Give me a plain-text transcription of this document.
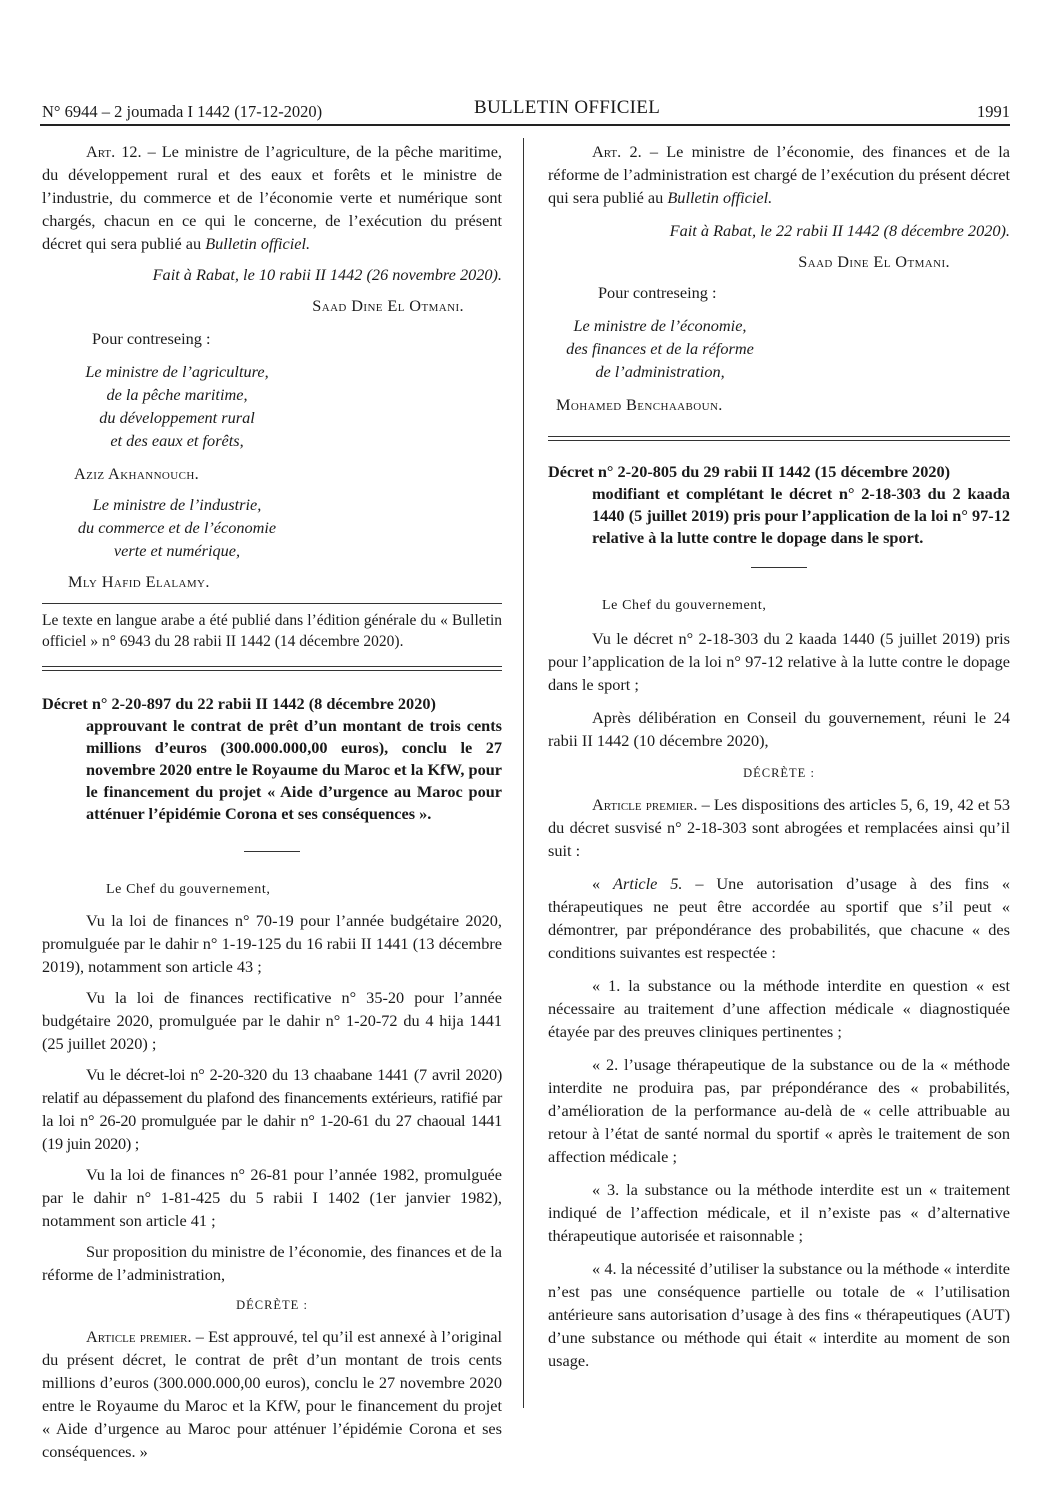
N° 6944 – 2 joumada I 1442 (17-12-2020)	BULLETIN OFFICIEL	1991

Art. 12. – Le ministre de l’agriculture, de la pêche maritime, du développement rural et des eaux et forêts et le ministre de l’industrie, du commerce et de l’économie verte et numérique sont chargés, chacun en ce qui le concerne, de l’exécution du présent décret qui sera publié au Bulletin officiel.

Fait à Rabat, le 10 rabii II 1442 (26 novembre 2020).

Saad Dine El Otmani.

Pour contreseing :

Le ministre de l’agriculture,

de la pêche maritime,

du développement rural

et des eaux et forêts,

Aziz Akhannouch.

Le ministre de l’industrie,

du commerce et de l’économie

verte et numérique,

Mly Hafid Elalamy.

Le texte en langue arabe a été publié dans l’édition générale du « Bulletin officiel » n° 6943 du 28 rabii II 1442 (14 décembre 2020).

Décret n° 2-20-897 du 22 rabii II 1442 (8 décembre 2020)
approuvant le contrat de prêt d’un montant de trois cents millions d’euros (300.000.000,00 euros), conclu le 27 novembre 2020 entre le Royaume du Maroc et la KfW, pour le financement du projet « Aide d’urgence au Maroc pour atténuer l’épidémie Corona et ses conséquences ».

Le Chef du gouvernement,

Vu la loi de finances n° 70-19 pour l’année budgétaire 2020, promulguée par le dahir n° 1-19-125 du 16 rabii II 1441 (13 décembre 2019), notamment son article 43 ;

Vu la loi de finances rectificative n° 35-20 pour l’année budgétaire 2020, promulguée par le dahir n° 1-20-72 du 4 hija 1441 (25 juillet 2020) ;

Vu le décret-loi n° 2-20-320 du 13 chaabane 1441 (7 avril 2020) relatif au dépassement du plafond des financements extérieurs, ratifié par la loi n° 26-20 promulguée par le dahir n° 1-20-61 du 27 chaoual 1441 (19 juin 2020) ;

Vu la loi de finances n° 26-81 pour l’année 1982, promulguée par le dahir n° 1-81-425 du 5 rabii I 1402 (1er janvier 1982), notamment son article 41 ;

Sur proposition du ministre de l’économie, des finances et de la réforme de l’administration,

DÉCRÈTE :

Article premier. – Est approuvé, tel qu’il est annexé à l’original du présent décret, le contrat de prêt d’un montant de trois cents millions d’euros (300.000.000,00 euros), conclu le 27 novembre 2020 entre le Royaume du Maroc et la KfW, pour le financement du projet « Aide d’urgence au Maroc pour atténuer l’épidémie Corona et ses conséquences. »

Art. 2. – Le ministre de l’économie, des finances et de la réforme de l’administration est chargé de l’exécution du présent décret qui sera publié au Bulletin officiel.

Fait à Rabat, le 22 rabii II 1442 (8 décembre 2020).

Saad Dine El Otmani.

Pour contreseing :

Le ministre de l’économie,

des finances et de la réforme

de l’administration,

Mohamed Benchaaboun.

Décret n° 2-20-805 du 29 rabii II 1442 (15 décembre 2020)
modifiant et complétant le décret n° 2-18-303 du 2 kaada 1440 (5 juillet 2019) pris pour l’application de la loi n° 97-12 relative à la lutte contre le dopage dans le sport.

Le Chef du gouvernement,

Vu le décret n° 2-18-303 du 2 kaada 1440 (5 juillet 2019) pris pour l’application de la loi n° 97-12 relative à la lutte contre le dopage dans le sport ;

Après délibération en Conseil du gouvernement, réuni le 24 rabii II 1442 (10 décembre 2020),

DÉCRÈTE :

Article premier. – Les dispositions des articles 5, 6, 19, 42 et 53 du décret susvisé n° 2-18-303 sont abrogées et remplacées ainsi qu’il suit :

« Article 5. – Une autorisation d’usage à des fins « thérapeutiques ne peut être accordée au sportif que s’il peut « démontrer, par prépondérance des probabilités, que chacune « des conditions suivantes est respectée :

« 1. la substance ou la méthode interdite en question « est nécessaire au traitement d’une affection médicale « diagnostiquée étayée par des preuves cliniques pertinentes ;

« 2. l’usage thérapeutique de la substance ou de la « méthode interdite ne produira pas, par prépondérance des « probabilités, d’amélioration de la performance au-delà de « celle attribuable au retour à l’état de santé normal du sportif « après le traitement de son affection médicale ;

« 3. la substance ou la méthode interdite est un « traitement indiqué de l’affection médicale, et il n’existe pas « d’alternative thérapeutique autorisée et raisonnable ;

« 4. la nécessité d’utiliser la substance ou la méthode « interdite n’est pas une conséquence partielle ou totale de « l’utilisation antérieure sans autorisation d’usage à des fins « thérapeutiques (AUT) d’une substance ou méthode qui était « interdite au moment de son usage.
